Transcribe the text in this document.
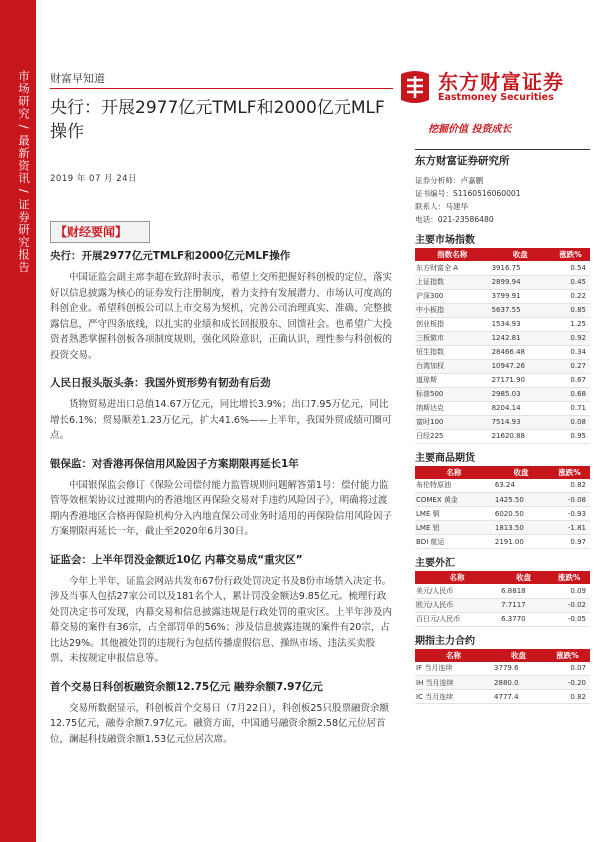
市场研究 / 最新资讯 / 证券研究报告 财富早知道	东方财富证券
Eastmoney Securities
央行：开展2977亿元TMLF和2000亿元MLF操作	挖掘价值 投资成长
2019 年 07 月 24日
【财经要闻】
央行：开展2977亿元TMLF和2000亿元MLF操作
中国证监会副主席李超在致辞时表示，希望上交所把握好科创板的定位，落实好以信息披露为核心的证券发行注册制度，着力支持有发展潜力、市场认可度高的科创企业。希望科创板公司以上市交易为契机，完善公司治理真实、准确、完整披露信息，严守四条底线，以扎实的业绩和成长回报股东、回馈社会。也希望广大投资者熟悉掌握科创板各项制度规则，强化风险意识，正确认识，理性参与科创板的投资交易。
人民日报头版头条：我国外贸形势有韧劲有后劲
货物贸易进出口总值14.67万亿元，同比增长3.9%；出口7.95万亿元，同比增长6.1%；贸易顺差1.23万亿元，扩大41.6%——上半年，我国外贸成绩可圈可点。
银保监：对香港再保信用风险因子方案期限再延长1年
中国银保监会修订《保险公司偿付能力监管规则问题解答第1号：偿付能力监管等效框架协议过渡期内的香港地区再保险交易对手违约风险因子》，明确将过渡期内香港地区合格再保险机构分入内地直保公司业务时适用的再保险信用风险因子方案期限再延长一年，截止至2020年6月30日。
证监会：上半年罚没金额近10亿 内幕交易成“重灾区”
今年上半年，证监会网站共发布67份行政处罚决定书及8份市场禁入决定书。涉及当事人包括27家公司以及181名个人，累计罚没金额达9.85亿元。梳理行政处罚决定书可发现，内幕交易和信息披露违规是行政处罚的重灾区。上半年涉及内幕交易的案件有36宗，占全部罚单的56%；涉及信息披露违规的案件有20宗，占比达29%。其他被处罚的违规行为包括传播虚假信息、操纵市场、违法买卖股票、未按规定申报信息等。
首个交易日科创板融资余额12.75亿元 融券余额7.97亿元
交易所数据显示，科创板首个交易日（7月22日），科创板25只股票融资余额12.75亿元，融券余额7.97亿元。融资方面，中国通号融资余额2.58亿元位居首位，澜起科技融资余额1.53亿元位居次席。
东方财富证券研究所
证券分析师：卢嘉鹏
证书编号：S1160516060001
联系人：马建华
电话：021-23586480
主要市场指数
指数名称	收盘	涨跌%
东方财富全 A	3916.75	0.54
上证指数	2899.94	0.45
沪深300	3799.91	0.22
中小板指	5637.55	0.85
创业板指	1534.93	1.25
三板做市	1242.81	0.92
恒生指数	28466.48	0.34
台湾加权	10947.26	0.27
道琼斯	27171.90	0.67
标普500	2985.03	0.68
纳斯达克	8204.14	0.71
富时100	7514.93	0.08
日经225	21620.88	0.95
主要商品期货
名称	收盘	涨跌%
布伦特原油	63.24	0.82
COMEX 黄金	1425.50	-0.08
LME 铜	6020.50	-0.93
LME 铝	1813.50	-1.81
BDI 航运	2191.00	0.97
主要外汇
名称	收盘	涨跌%
美元/人民币	6.8818	0.09
欧元/人民币	7.7117	-0.02
百日元/人民币	6.3770	-0.05
期指主力合约
名称	收盘	涨跌%
IF 当月连续	3779.6	0.07
IH 当月连续	2880.0	-0.20
IC 当月连续	4777.4	0.82
